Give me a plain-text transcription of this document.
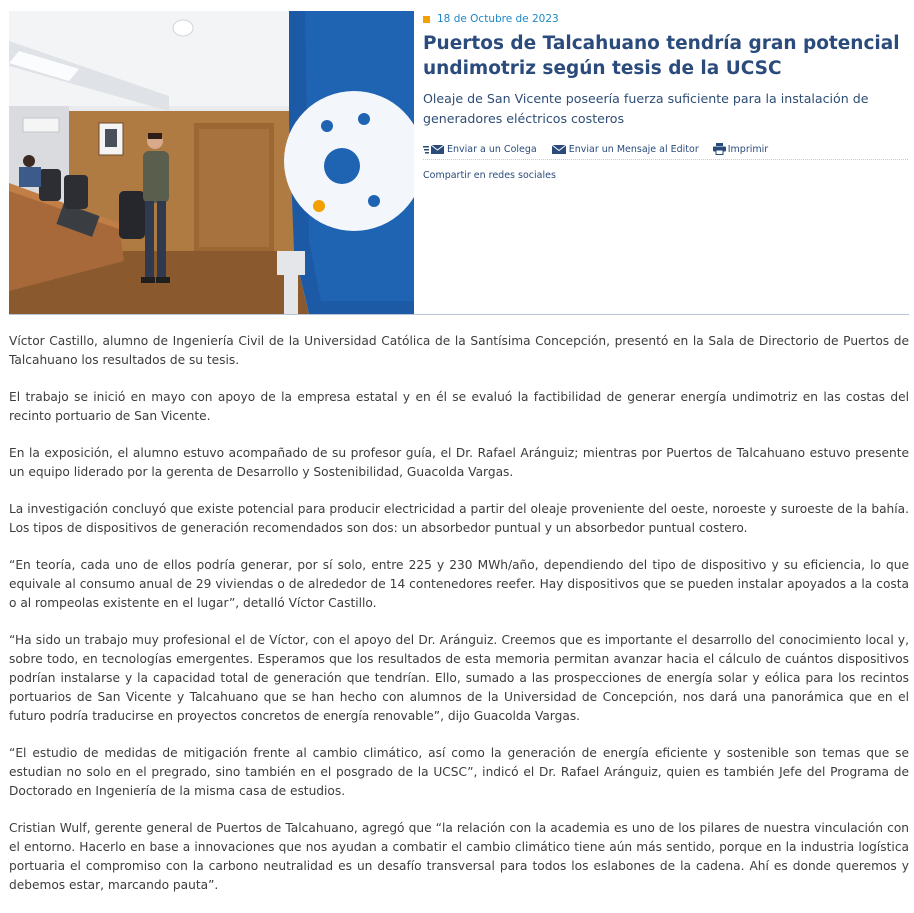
18 de Octubre de 2023
Puertos de Talcahuano tendría gran potencial undimotriz según tesis de la UCSC

Oleaje de San Vicente poseería fuerza suficiente para la instalación de generadores eléctricos costeros

Enviar a un Colega	Enviar un Mensaje al Editor	Imprimir
Compartir en redes sociales

Víctor Castillo, alumno de Ingeniería Civil de la Universidad Católica de la Santísima Concepción, presentó en la Sala de Directorio de Puertos de Talcahuano los resultados de su tesis.

El trabajo se inició en mayo con apoyo de la empresa estatal y en él se evaluó la factibilidad de generar energía undimotriz en las costas del recinto portuario de San Vicente.

En la exposición, el alumno estuvo acompañado de su profesor guía, el Dr. Rafael Aránguiz; mientras por Puertos de Talcahuano estuvo presente un equipo liderado por la gerenta de Desarrollo y Sostenibilidad, Guacolda Vargas.

La investigación concluyó que existe potencial para producir electricidad a partir del oleaje proveniente del oeste, noroeste y suroeste de la bahía. Los tipos de dispositivos de generación recomendados son dos: un absorbedor puntual y un absorbedor puntual costero.

“En teoría, cada uno de ellos podría generar, por sí solo, entre 225 y 230 MWh/año, dependiendo del tipo de dispositivo y su eficiencia, lo que equivale al consumo anual de 29 viviendas o de alrededor de 14 contenedores reefer. Hay dispositivos que se pueden instalar apoyados a la costa o al rompeolas existente en el lugar”, detalló Víctor Castillo.

“Ha sido un trabajo muy profesional el de Víctor, con el apoyo del Dr. Aránguiz. Creemos que es importante el desarrollo del conocimiento local y, sobre todo, en tecnologías emergentes. Esperamos que los resultados de esta memoria permitan avanzar hacia el cálculo de cuántos dispositivos podrían instalarse y la capacidad total de generación que tendrían. Ello, sumado a las prospecciones de energía solar y eólica para los recintos portuarios de San Vicente y Talcahuano que se han hecho con alumnos de la Universidad de Concepción, nos dará una panorámica que en el futuro podría traducirse en proyectos concretos de energía renovable”, dijo Guacolda Vargas.

“El estudio de medidas de mitigación frente al cambio climático, así como la generación de energía eficiente y sostenible son temas que se estudian no solo en el pregrado, sino también en el posgrado de la UCSC”, indicó el Dr. Rafael Aránguiz, quien es también Jefe del Programa de Doctorado en Ingeniería de la misma casa de estudios.

Cristian Wulf, gerente general de Puertos de Talcahuano, agregó que “la relación con la academia es uno de los pilares de nuestra vinculación con el entorno. Hacerlo en base a innovaciones que nos ayudan a combatir el cambio climático tiene aún más sentido, porque en la industria logística portuaria el compromiso con la carbono neutralidad es un desafío transversal para todos los eslabones de la cadena. Ahí es donde queremos y debemos estar, marcando pauta”.
